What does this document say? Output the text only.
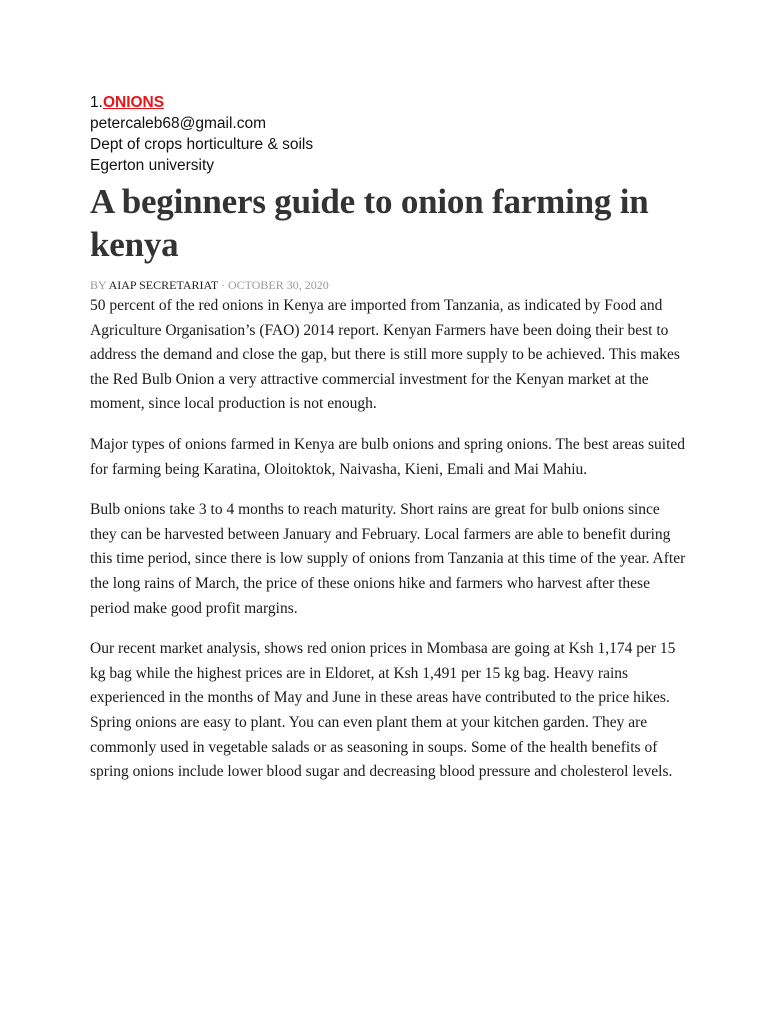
1.ONIONS
petercaleb68@gmail.com
Dept of crops horticulture & soils
Egerton university
A beginners guide to onion farming in kenya
BY AIAP SECRETARIAT · OCTOBER 30, 2020

50 percent of the red onions in Kenya are imported from Tanzania, as indicated by Food and Agriculture Organisation’s (FAO) 2014 report. Kenyan Farmers have been doing their best to address the demand and close the gap, but there is still more supply to be achieved. This makes the Red Bulb Onion a very attractive commercial investment for the Kenyan market at the moment, since local production is not enough.

Major types of onions farmed in Kenya are bulb onions and spring onions. The best areas suited for farming being Karatina, Oloitoktok, Naivasha, Kieni, Emali and Mai Mahiu.

Bulb onions take 3 to 4 months to reach maturity. Short rains are great for bulb onions since they can be harvested between January and February. Local farmers are able to benefit during this time period, since there is low supply of onions from Tanzania at this time of the year. After the long rains of March, the price of these onions hike and farmers who harvest after these period make good profit margins.

Our recent market analysis, shows red onion prices in Mombasa are going at Ksh 1,174 per 15 kg bag while the highest prices are in Eldoret, at Ksh 1,491 per 15 kg bag. Heavy rains experienced in the months of May and June in these areas have contributed to the price hikes.

Spring onions are easy to plant. You can even plant them at your kitchen garden. They are commonly used in vegetable salads or as seasoning in soups. Some of the health benefits of spring onions include lower blood sugar and decreasing blood pressure and cholesterol levels.
